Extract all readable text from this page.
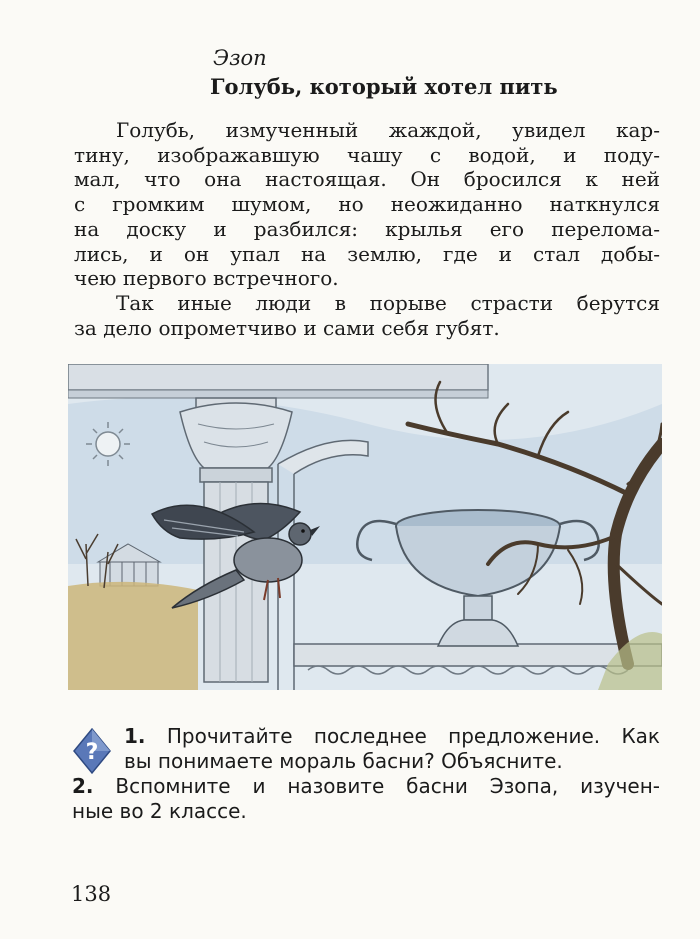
Эзоп
Голубь, который хотел пить
Голубь, измученный жаждой, увидел кар-
тину, изображавшую чашу с водой, и поду-
мал, что она настоящая. Он бросился к ней
с громким шумом, но неожиданно наткнулся
на доску и разбился: крылья его перелома-
лись, и он упал на землю, где и стал добы-
чею первого встречного.
Так иные люди в порыве страсти берутся
за дело опрометчиво и сами себя губят.
?
1. Прочитайте последнее предложение. Как
вы понимаете мораль басни? Объясните.
2. Вспомните и назовите басни Эзопа, изучен-
ные во 2 классе.
138
